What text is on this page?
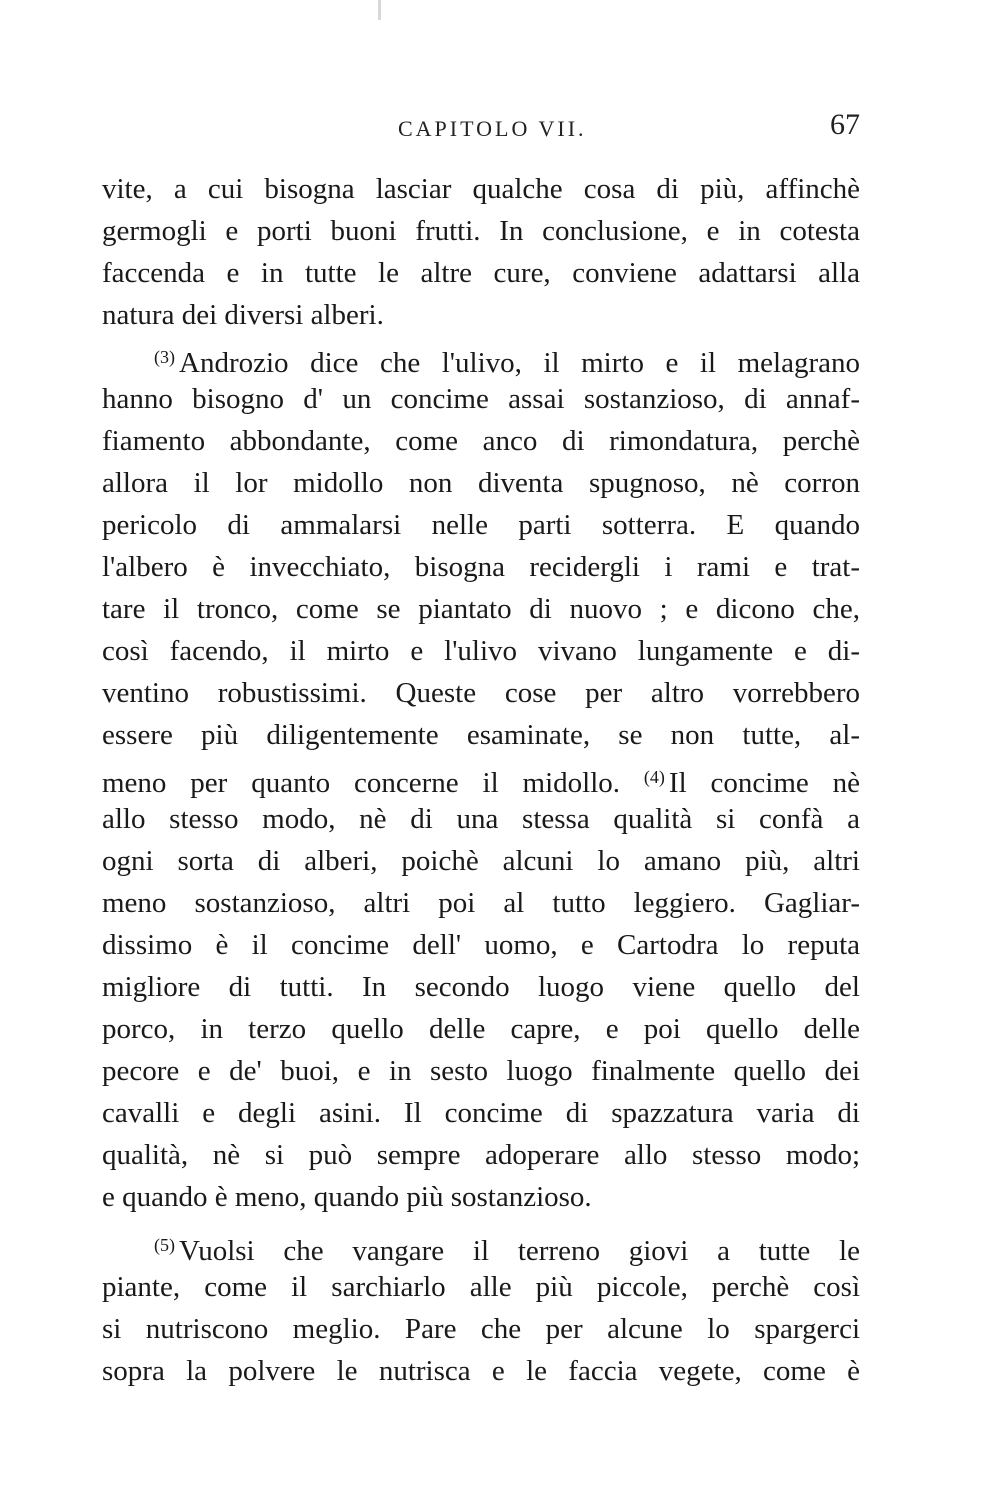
CAPITOLO VII.	67
vite, a cui bisogna lasciar qualche cosa di più, affinchè
germogli e porti buoni frutti. In conclusione, e in cotesta
faccenda e in tutte le altre cure, conviene adattarsi alla
natura dei diversi alberi.
$^{(3)}$ Androzio dice che l'ulivo, il mirto e il melagrano
hanno bisogno d' un concime assai sostanzioso, di annaf-
fiamento abbondante, come anco di rimondatura, perchè
allora il lor midollo non diventa spugnoso, nè corron
pericolo di ammalarsi nelle parti sotterra. E quando
l'albero è invecchiato, bisogna recidergli i rami e trat-
tare il tronco, come se piantato di nuovo ; e dicono che,
così facendo, il mirto e l'ulivo vivano lungamente e di-
ventino robustissimi. Queste cose per altro vorrebbero
essere più diligentemente esaminate, se non tutte, al-
meno per quanto concerne il midollo. $^{(4)}$ Il concime nè
allo stesso modo, nè di una stessa qualità si confà a
ogni sorta di alberi, poichè alcuni lo amano più, altri
meno sostanzioso, altri poi al tutto leggiero. Gagliar-
dissimo è il concime dell' uomo, e Cartodra lo reputa
migliore di tutti. In secondo luogo viene quello del
porco, in terzo quello delle capre, e poi quello delle
pecore e de' buoi, e in sesto luogo finalmente quello dei
cavalli e degli asini. Il concime di spazzatura varia di
qualità, nè si può sempre adoperare allo stesso modo;
e quando è meno, quando più sostanzioso.
$^{(5)}$ Vuolsi che vangare il terreno giovi a tutte le
piante, come il sarchiarlo alle più piccole, perchè così
si nutriscono meglio. Pare che per alcune lo spargerci
sopra la polvere le nutrisca e le faccia vegete, come è
